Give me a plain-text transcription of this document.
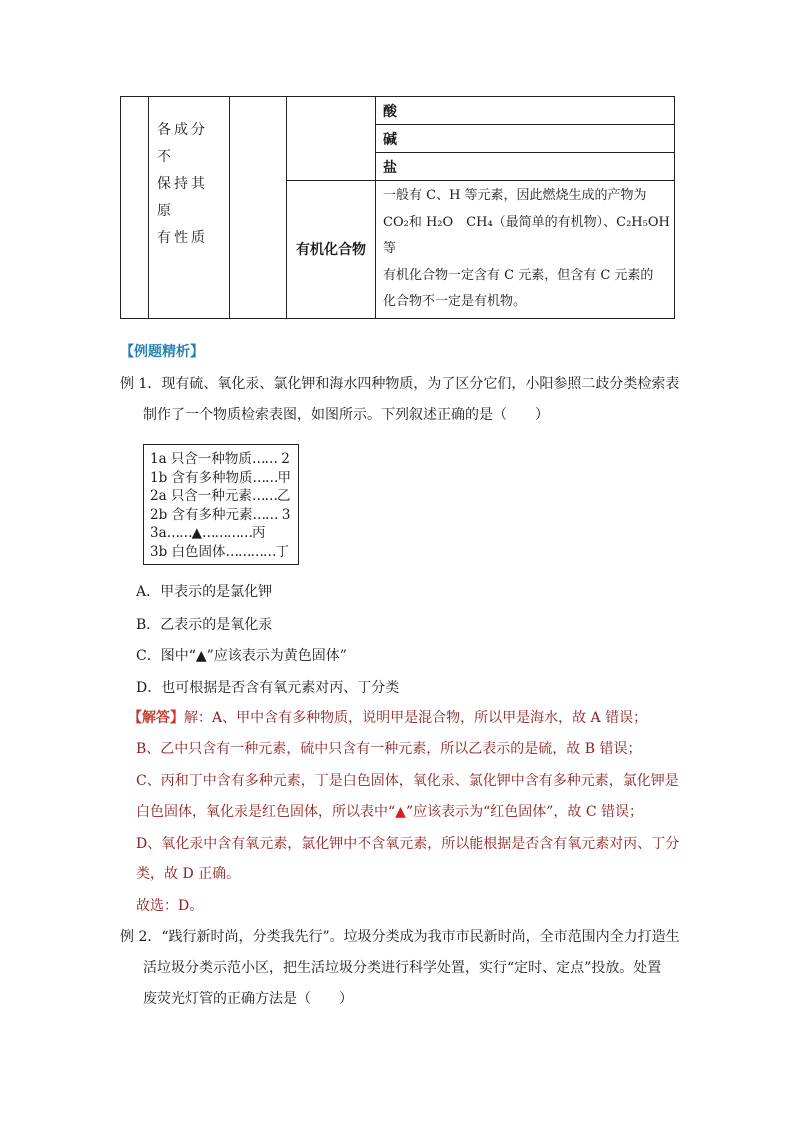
	各成分不
保持其原
有性质			酸
				碱
				盐
			有机化合物	一般有 C、H 等元素，因此燃烧生成的产物为
CO₂和 H₂O　CH₄（最简单的有机物）、C₂H₅OH
等
有机化合物一定含有 C 元素，但含有 C 元素的
化合物不一定是有机物。
【例题精析】
例 1．现有硫、氧化汞、氯化钾和海水四种物质，为了区分它们，小阳参照二歧分类检索表
制作了一个物质检索表图，如图所示。下列叙述正确的是（　　）
1a 只含一种物质…… 2
1b 含有多种物质……甲
2a 只含一种元素……乙
2b 含有多种元素…… 3
3a……▲…………丙
3b 白色固体…………丁
A．甲表示的是氯化钾
B．乙表示的是氧化汞
C．图中“▲”应该表示为黄色固体”
D．也可根据是否含有氧元素对丙、丁分类
【解答】解：A、甲中含有多种物质，说明甲是混合物，所以甲是海水，故 A 错误；
B、乙中只含有一种元素，硫中只含有一种元素，所以乙表示的是硫，故 B 错误；
C、丙和丁中含有多种元素，丁是白色固体，氧化汞、氯化钾中含有多种元素，氯化钾是
白色固体，氧化汞是红色固体，所以表中“▲”应该表示为“红色固体”，故 C 错误；
D、氧化汞中含有氧元素，氯化钾中不含氧元素，所以能根据是否含有氧元素对丙、丁分
类，故 D 正确。
故选：D。
例 2．“践行新时尚，分类我先行”。垃圾分类成为我市市民新时尚，全市范围内全力打造生
活垃圾分类示范小区，把生活垃圾分类进行科学处置，实行“定时、定点”投放。处置
废荧光灯管的正确方法是（　　）
